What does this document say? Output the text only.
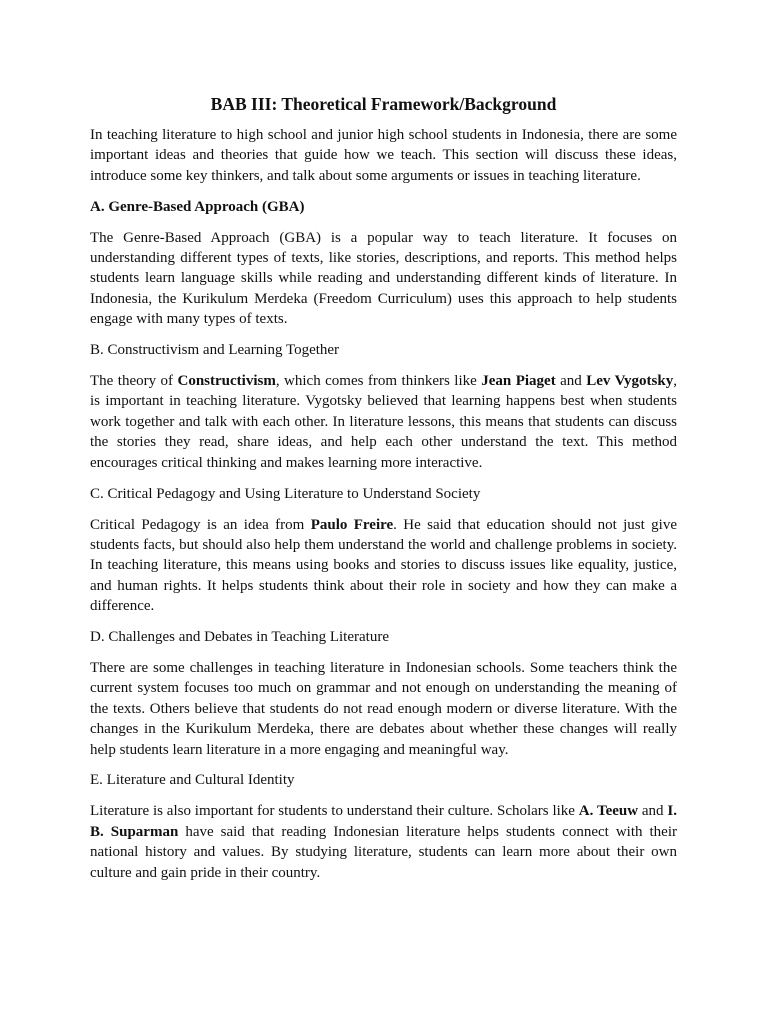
BAB III: Theoretical Framework/Background

In teaching literature to high school and junior high school students in Indonesia, there are some important ideas and theories that guide how we teach. This section will discuss these ideas, introduce some key thinkers, and talk about some arguments or issues in teaching literature.

A. Genre-Based Approach (GBA)

The Genre-Based Approach (GBA) is a popular way to teach literature. It focuses on understanding different types of texts, like stories, descriptions, and reports. This method helps students learn language skills while reading and understanding different kinds of literature. In Indonesia, the Kurikulum Merdeka (Freedom Curriculum) uses this approach to help students engage with many types of texts.

B. Constructivism and Learning Together

The theory of Constructivism, which comes from thinkers like Jean Piaget and Lev Vygotsky, is important in teaching literature. Vygotsky believed that learning happens best when students work together and talk with each other. In literature lessons, this means that students can discuss the stories they read, share ideas, and help each other understand the text. This method encourages critical thinking and makes learning more interactive.

C. Critical Pedagogy and Using Literature to Understand Society

Critical Pedagogy is an idea from Paulo Freire. He said that education should not just give students facts, but should also help them understand the world and challenge problems in society. In teaching literature, this means using books and stories to discuss issues like equality, justice, and human rights. It helps students think about their role in society and how they can make a difference.

D. Challenges and Debates in Teaching Literature

There are some challenges in teaching literature in Indonesian schools. Some teachers think the current system focuses too much on grammar and not enough on understanding the meaning of the texts. Others believe that students do not read enough modern or diverse literature. With the changes in the Kurikulum Merdeka, there are debates about whether these changes will really help students learn literature in a more engaging and meaningful way.

E. Literature and Cultural Identity

Literature is also important for students to understand their culture. Scholars like A. Teeuw and I. B. Suparman have said that reading Indonesian literature helps students connect with their national history and values. By studying literature, students can learn more about their own culture and gain pride in their country.
